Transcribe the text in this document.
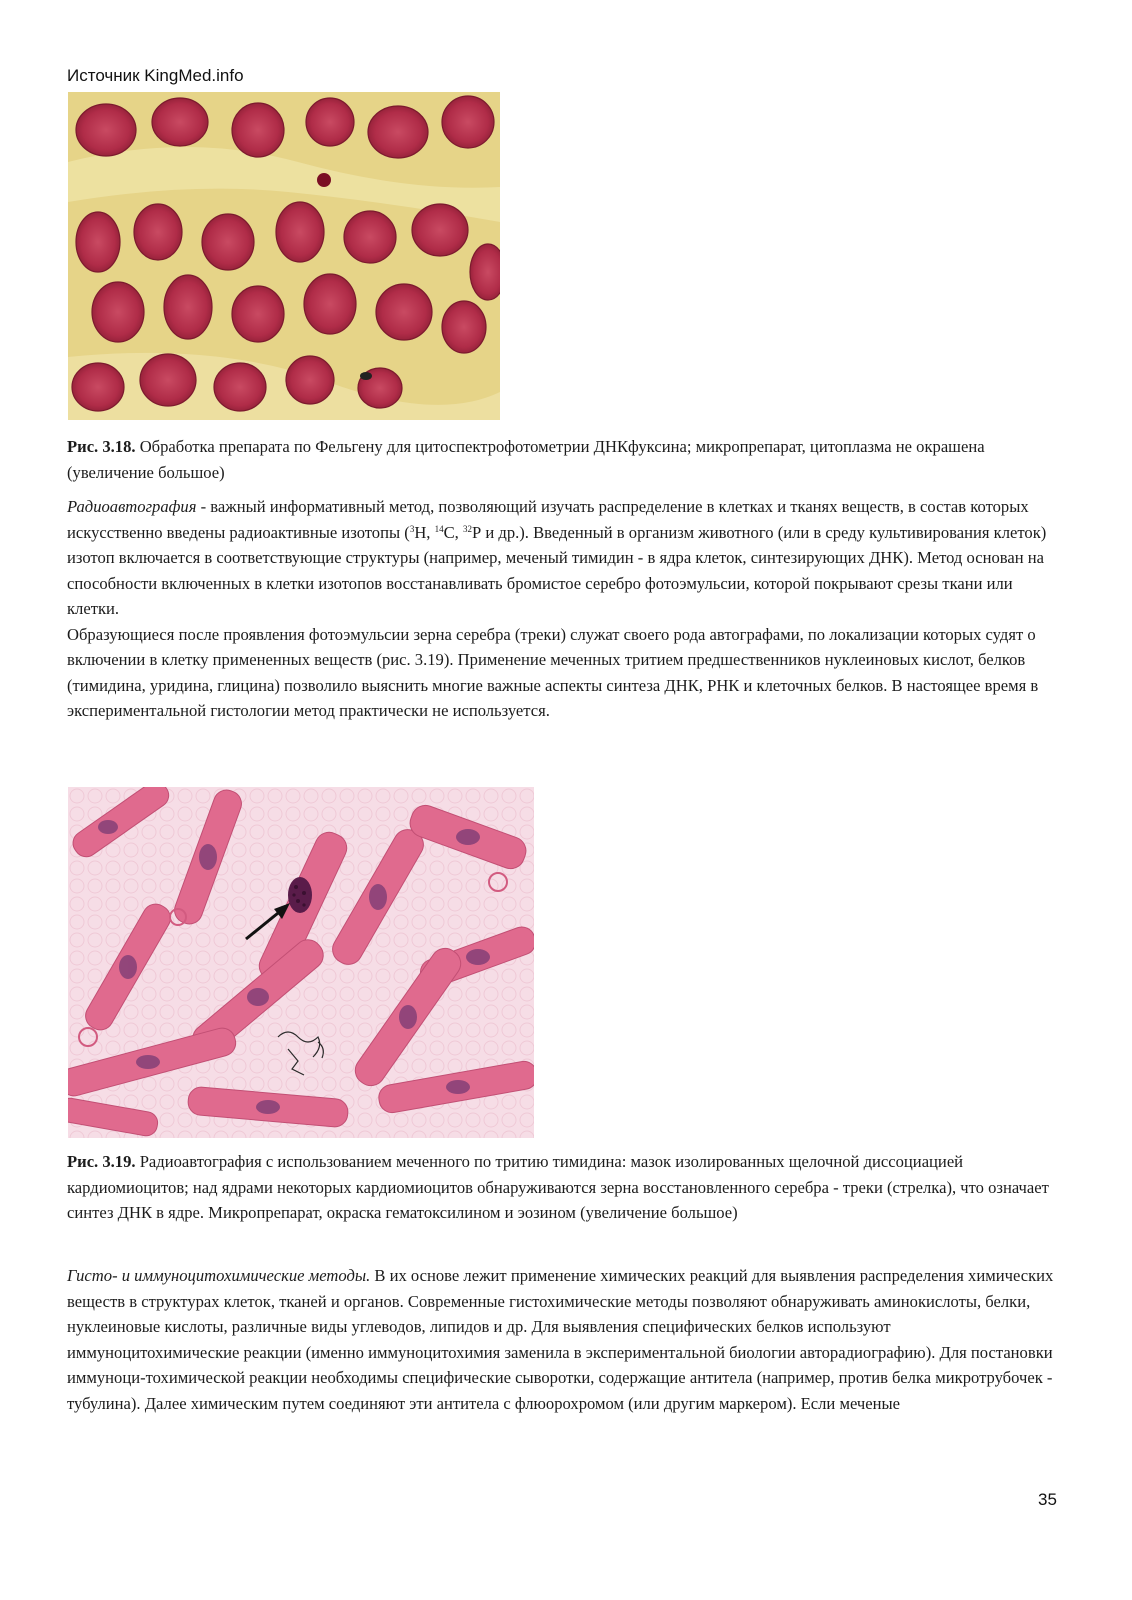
Источник KingMed.info
Рис. 3.18. Обработка препарата по Фельгену для цитоспектрофотометрии ДНКфуксина; микропрепарат, цитоплазма не окрашена (увеличение большое)

Радиоавтография - важный информативный метод, позволяющий изучать распределение в клетках и тканях веществ, в состав которых искусственно введены радиоактивные изотопы ($^3$Н, $^{14}$С, $^{32}$Р и др.). Введенный в организм животного (или в среду культивирования клеток) изотоп включается в соответствующие структуры (например, меченый тимидин - в ядра клеток, синтезирующих ДНК). Метод основан на способности включенных в клетки изотопов восстанавливать бромистое серебро фотоэмульсии, которой покрывают срезы ткани или клетки.

Образующиеся после проявления фотоэмульсии зерна серебра (треки) служат своего рода автографами, по локализации которых судят о включении в клетку примененных веществ (рис. 3.19). Применение меченных тритием предшественников нуклеиновых кислот, белков (тимидина, уридина, глицина) позволило выяснить многие важные аспекты синтеза ДНК, РНК и клеточных белков. В настоящее время в экспериментальной гистологии метод практически не используется.

Рис. 3.19. Радиоавтография с использованием меченного по тритию тимидина: мазок изолированных щелочной диссоциацией кардиомиоцитов; над ядрами некоторых кардиомиоцитов обнаруживаются зерна восстановленного серебра - треки (стрелка), что означает синтез ДНК в ядре. Микропрепарат, окраска гематоксилином и эозином (увеличение большое)

Гисто- и иммуноцитохимические методы. В их основе лежит применение химических реакций для выявления распределения химических веществ в структурах клеток, тканей и органов. Современные гистохимические методы позволяют обнаруживать аминокислоты, белки, нуклеиновые кислоты, различные виды углеводов, липидов и др. Для выявления специфических белков используют иммуноцитохимические реакции (именно иммуноцитохимия заменила в экспериментальной биологии авторадиографию). Для постановки иммуноци-тохимической реакции необходимы специфические сыворотки, содержащие антитела (например, против белка микротрубочек - тубулина). Далее химическим путем соединяют эти антитела с флюорохромом (или другим маркером). Если меченые

35
